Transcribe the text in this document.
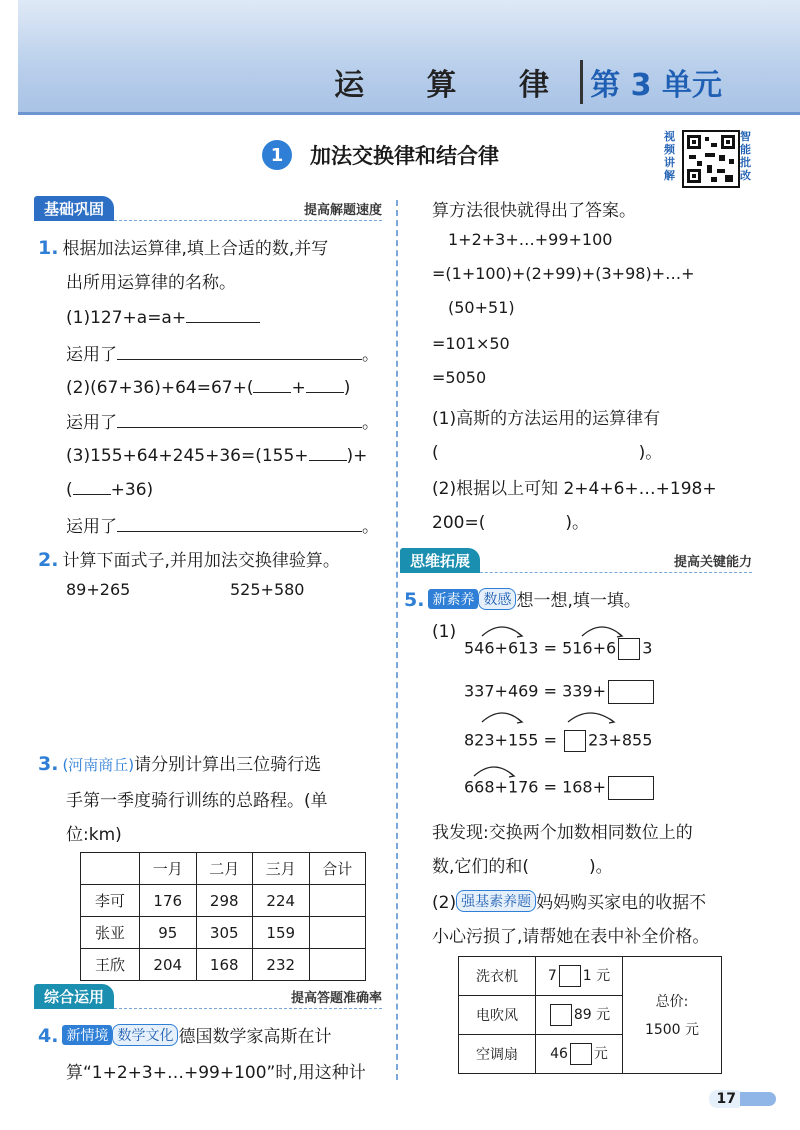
运 算 律 第 3 单元
1	加法交换律和结合律
视频讲解
智能批改
基础巩固	提高解题速度
1. 根据加法运算律,填上合适的数,并写
出所用运算律的名称。
(1)127+a=a+
运用了	。
(2)(67+36)+64=67+( + )
运用了	。
(3)155+64+245+36=(155+ )+
( +36)
运用了	。
2. 计算下面式子,并用加法交换律验算。
89+265	525+580
3. (河南商丘)请分别计算出三位骑行选
手第一季度骑行训练的总路程。(单
位:km)
	一月	二月	三月	合计
李可	176	298	224	
张亚	95	305	159	
王欣	204	168	232	
综合运用	提高答题准确率
4. 新情境 数学文化 德国数学家高斯在计
算“1+2+3+…+99+100”时,用这种计
算方法很快就得出了答案。
1+2+3+…+99+100
=(1+100)+(2+99)+(3+98)+…+
(50+51)
=101×50
=5050
(1)高斯的方法运用的运算律有
(	)。
(2)根据以上可知 2+4+6+…+198+
200=(	)。
思维拓展	提高关键能力
5. 新素养 数感 想一想,填一填。
(1)
546+613 = 516+6 3
337+469 = 339+
823+155 = 23+855
668+176 = 168+
我发现:交换两个加数相同数位上的
数,它们的和(	)。
(2) 强基素养题 妈妈购买家电的收据不
小心污损了,请帮她在表中补全价格。
洗衣机	7 1 元	总价:
1500 元

电吹风	89 元	
空调扇	46 元	
17
